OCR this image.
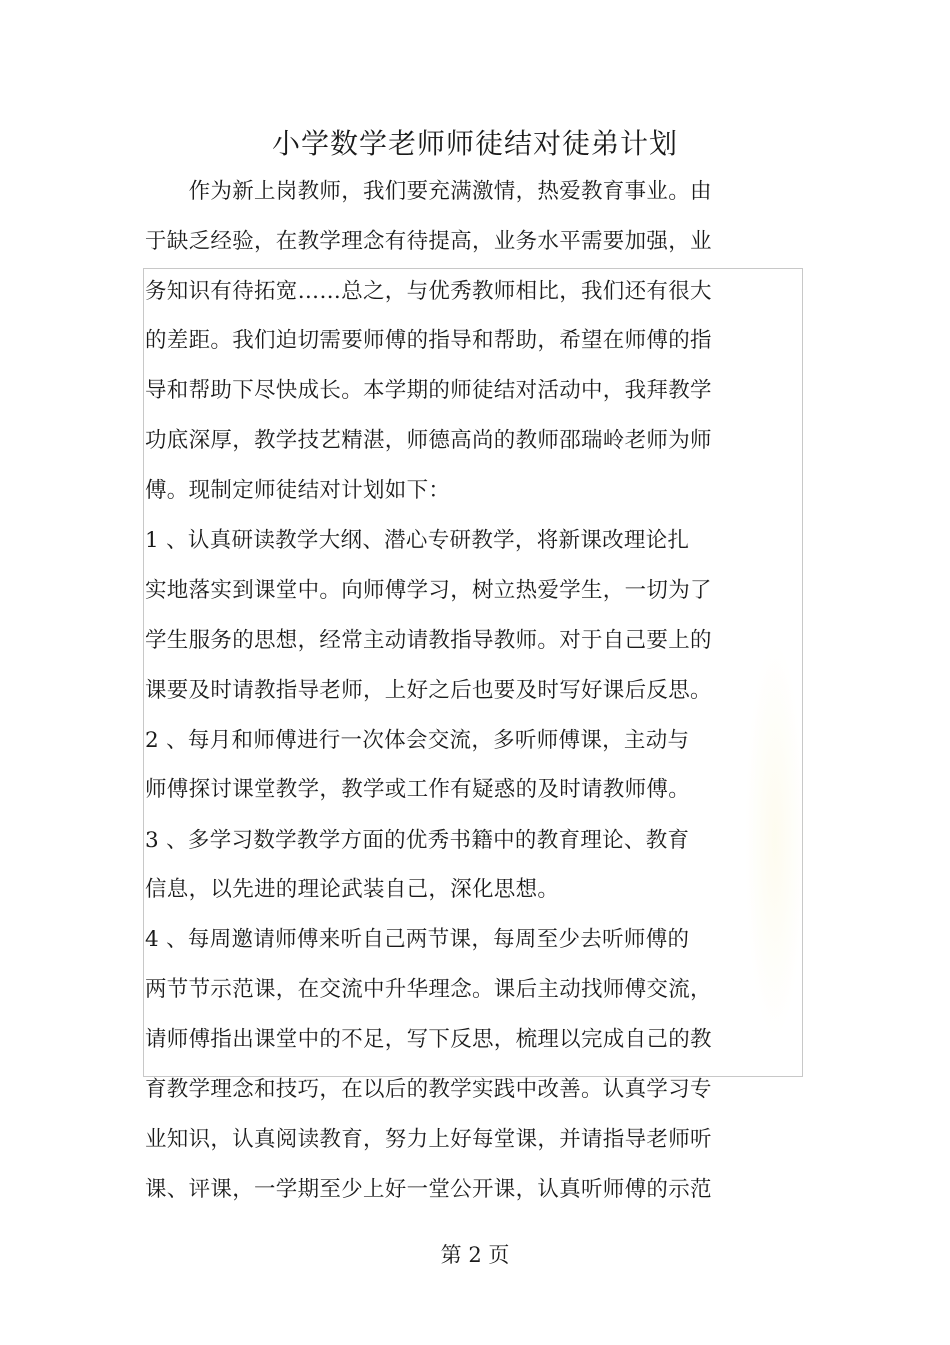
小学数学老师师徒结对徒弟计划
　　作为新上岗教师，我们要充满激情，热爱教育事业。由
于缺乏经验，在教学理念有待提高，业务水平需要加强，业
务知识有待拓宽……总之，与优秀教师相比，我们还有很大
的差距。我们迫切需要师傅的指导和帮助，希望在师傅的指
导和帮助下尽快成长。本学期的师徒结对活动中，我拜教学
功底深厚，教学技艺精湛，师德高尚的教师邵瑞岭老师为师
傅。现制定师徒结对计划如下：
1 、认真研读教学大纲、潜心专研教学，将新课改理论扎
实地落实到课堂中。向师傅学习，树立热爱学生，一切为了
学生服务的思想，经常主动请教指导教师。对于自己要上的
课要及时请教指导老师，上好之后也要及时写好课后反思。
2 、每月和师傅进行一次体会交流，多听师傅课，主动与
师傅探讨课堂教学，教学或工作有疑惑的及时请教师傅。
3 、多学习数学教学方面的优秀书籍中的教育理论、教育
信息，以先进的理论武装自己，深化思想。
4 、每周邀请师傅来听自己两节课，每周至少去听师傅的
两节节示范课，在交流中升华理念。课后主动找师傅交流，
请师傅指出课堂中的不足，写下反思，梳理以完成自己的教
育教学理念和技巧，在以后的教学实践中改善。认真学习专
业知识，认真阅读教育，努力上好每堂课，并请指导老师听
课、评课，一学期至少上好一堂公开课，认真听师傅的示范
第 2 页
